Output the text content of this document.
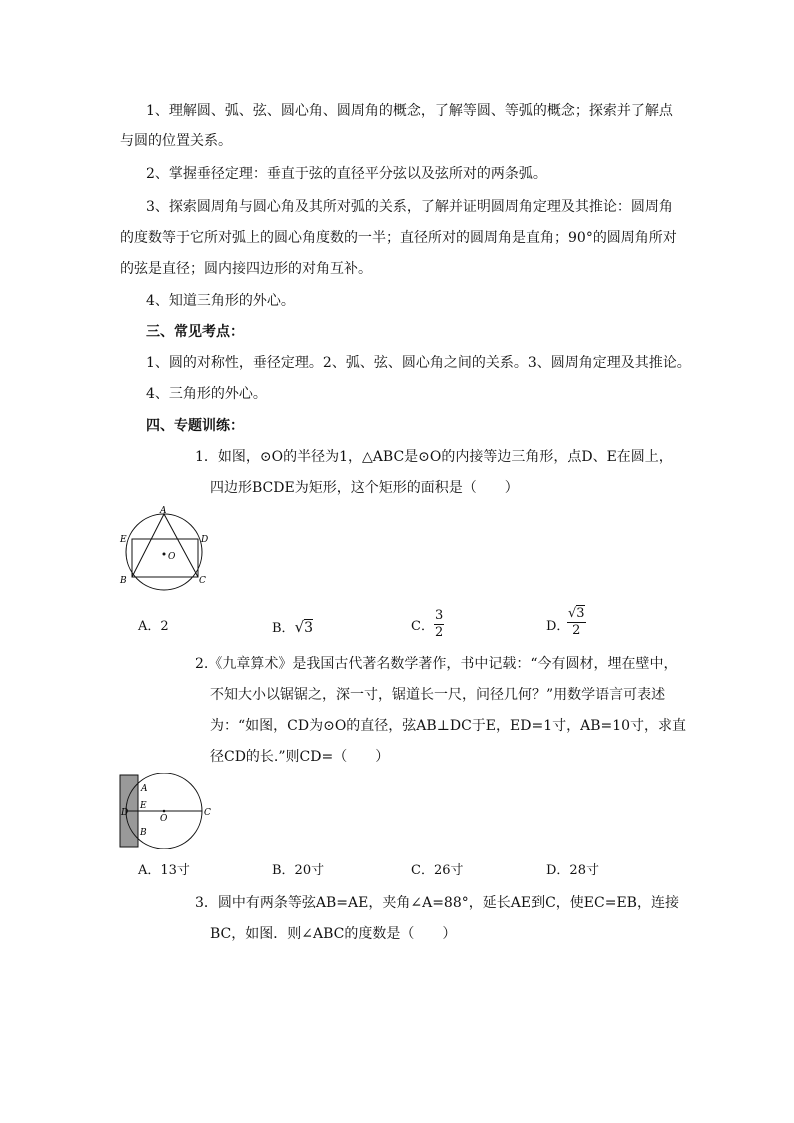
1、理解圆、弧、弦、圆心角、圆周角的概念，了解等圆、等弧的概念；探索并了解点
与圆的位置关系。
2、掌握垂径定理：垂直于弦的直径平分弦以及弦所对的两条弧。
3、探索圆周角与圆心角及其所对弧的关系，了解并证明圆周角定理及其推论：圆周角
的度数等于它所对弧上的圆心角度数的一半；直径所对的圆周角是直角；90°的圆周角所对
的弦是直径；圆内接四边形的对角互补。
4、知道三角形的外心。
三、常见考点：
1、圆的对称性，垂径定理。2、弧、弦、圆心角之间的关系。3、圆周角定理及其推论。
4、三角形的外心。
四、专题训练：
1．如图，⊙O的半径为1，△ABC是⊙O的内接等边三角形，点D、E在圆上，
四边形BCDE为矩形，这个矩形的面积是（　　）
A
E	D
B	C
O
A．2	B．√3	C． $\frac{3}{2}$	D．
$\frac{√3}{2}$
2.《九章算术》是我国古代著名数学著作，书中记载：“今有圆材，埋在壁中，
不知大小以锯锯之，深一寸，锯道长一尺，问径几何？”用数学语言可表述
为：“如图，CD为⊙O的直径，弦AB⊥DC于E，ED=1寸，AB=10寸，求直
径CD的长.”则CD=（　　）
A
E
D
B
O
C
A．13寸	B．20寸	C．26寸	D．28寸
3．圆中有两条等弦AB=AE，夹角∠A=88°，延长AE到C，使EC=EB，连接
BC，如图．则∠ABC的度数是（　　）
